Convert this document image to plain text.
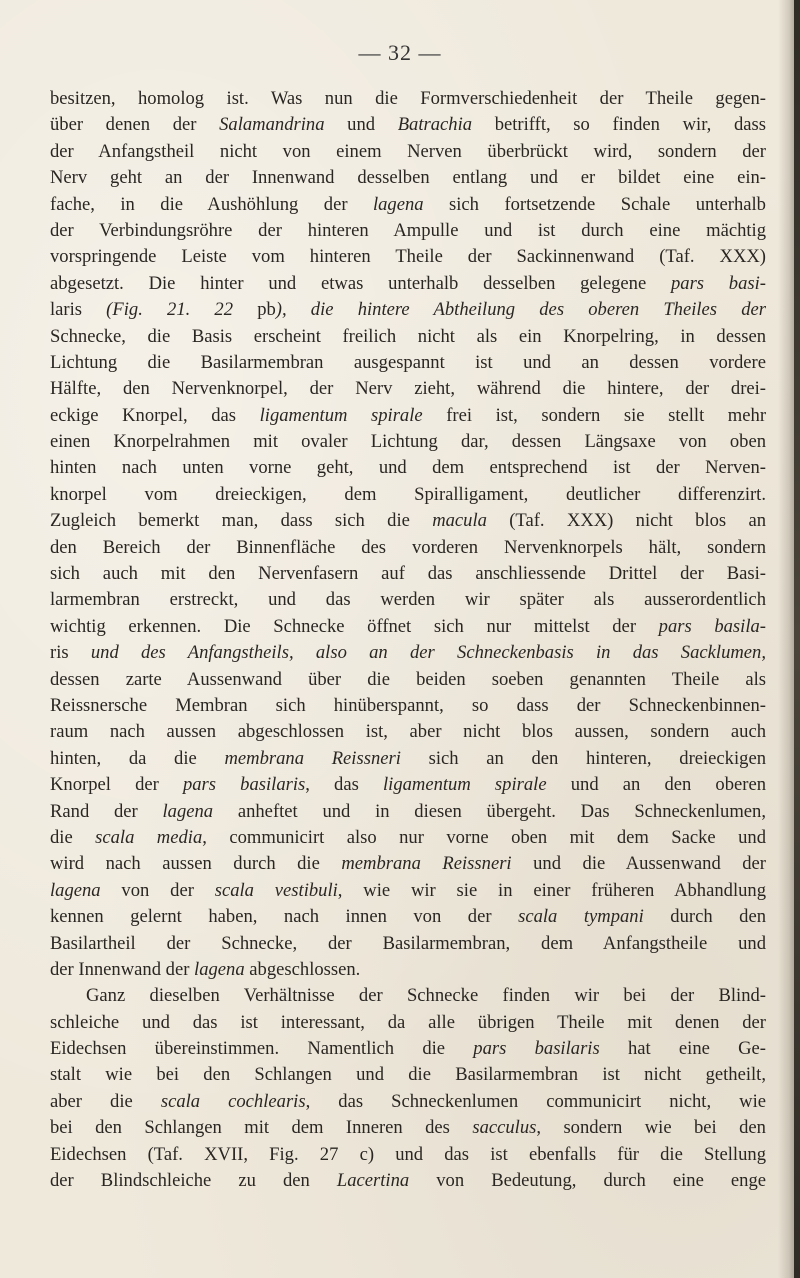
— 32 —
besitzen, homolog ist. Was nun die Formverschiedenheit der Theile gegen-
über denen der Salamandrina und Batrachia betrifft, so finden wir, dass
der Anfangstheil nicht von einem Nerven überbrückt wird, sondern der
Nerv geht an der Innenwand desselben entlang und er bildet eine ein-
fache, in die Aushöhlung der lagena sich fortsetzende Schale unterhalb
der Verbindungsröhre der hinteren Ampulle und ist durch eine mächtig
vorspringende Leiste vom hinteren Theile der Sackinnenwand (Taf. XXX)
abgesetzt. Die hinter und etwas unterhalb desselben gelegene pars basi-
laris (Fig. 21. 22 pb), die hintere Abtheilung des oberen Theiles der
Schnecke, die Basis erscheint freilich nicht als ein Knorpelring, in dessen
Lichtung die Basilarmembran ausgespannt ist und an dessen vordere
Hälfte, den Nervenknorpel, der Nerv zieht, während die hintere, der drei-
eckige Knorpel, das ligamentum spirale frei ist, sondern sie stellt mehr
einen Knorpelrahmen mit ovaler Lichtung dar, dessen Längsaxe von oben
hinten nach unten vorne geht, und dem entsprechend ist der Nerven-
knorpel vom dreieckigen, dem Spiralligament, deutlicher differenzirt.
Zugleich bemerkt man, dass sich die macula (Taf. XXX) nicht blos an
den Bereich der Binnenfläche des vorderen Nervenknorpels hält, sondern
sich auch mit den Nervenfasern auf das anschliessende Drittel der Basi-
larmembran erstreckt, und das werden wir später als ausserordentlich
wichtig erkennen. Die Schnecke öffnet sich nur mittelst der pars basila-
ris und des Anfangstheils, also an der Schneckenbasis in das Sacklumen,
dessen zarte Aussenwand über die beiden soeben genannten Theile als
Reissnersche Membran sich hinüberspannt, so dass der Schneckenbinnen-
raum nach aussen abgeschlossen ist, aber nicht blos aussen, sondern auch
hinten, da die membrana Reissneri sich an den hinteren, dreieckigen
Knorpel der pars basilaris, das ligamentum spirale und an den oberen
Rand der lagena anheftet und in diesen übergeht. Das Schneckenlumen,
die scala media, communicirt also nur vorne oben mit dem Sacke und
wird nach aussen durch die membrana Reissneri und die Aussenwand der
lagena von der scala vestibuli, wie wir sie in einer früheren Abhandlung
kennen gelernt haben, nach innen von der scala tympani durch den
Basilartheil der Schnecke, der Basilarmembran, dem Anfangstheile und
der Innenwand der lagena abgeschlossen.
Ganz dieselben Verhältnisse der Schnecke finden wir bei der Blind-
schleiche und das ist interessant, da alle übrigen Theile mit denen der
Eidechsen übereinstimmen. Namentlich die pars basilaris hat eine Ge-
stalt wie bei den Schlangen und die Basilarmembran ist nicht getheilt,
aber die scala cochlearis, das Schneckenlumen communicirt nicht, wie
bei den Schlangen mit dem Inneren des sacculus, sondern wie bei den
Eidechsen (Taf. XVII, Fig. 27 c) und das ist ebenfalls für die Stellung
der Blindschleiche zu den Lacertina von Bedeutung, durch eine enge
